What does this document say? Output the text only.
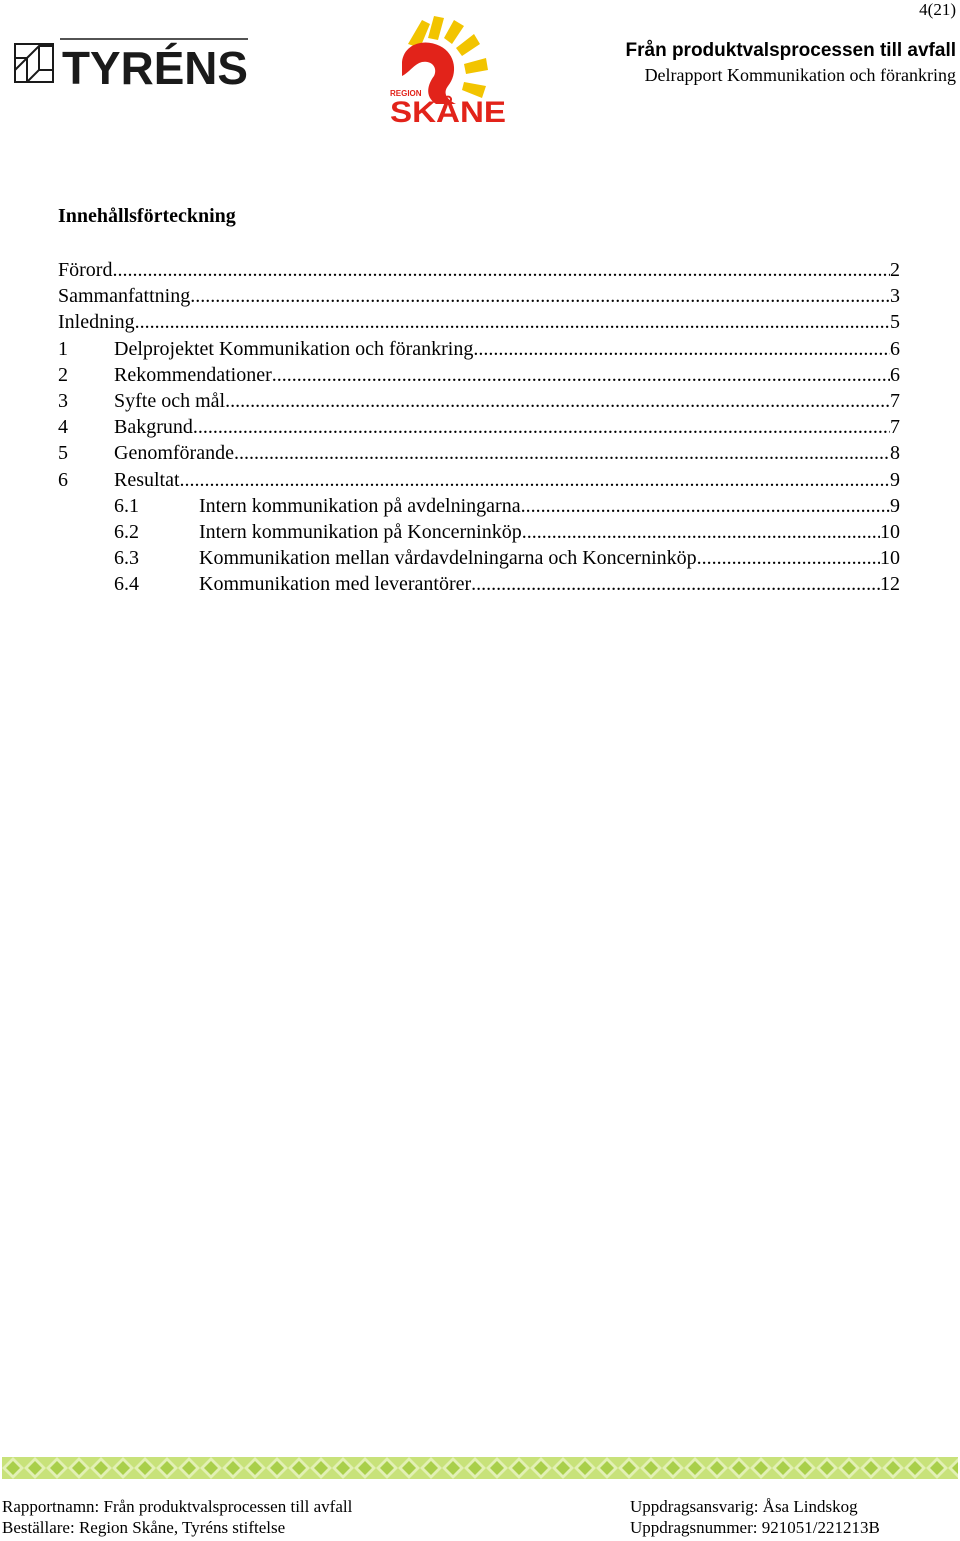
4(21)
TYRÉNS	REGION
SKÅNE
Från produktvalsprocessen till avfall
Delrapport Kommunikation och förankring
Innehållsförteckning
Förord .....	2
Sammanfattning .....	3
Inledning .....	5
1	Delprojektet Kommunikation och förankring .....	6
2	Rekommendationer .....	6
3	Syfte och mål .....	7
4	Bakgrund .....	7
5	Genomförande .....	8
6	Resultat .....	9
6.1	Intern kommunikation på avdelningarna .....	9
6.2	Intern kommunikation på Koncerninköp .....	10
6.3	Kommunikation mellan vårdavdelningarna och Koncerninköp .....	10
6.4	Kommunikation med leverantörer .....	12
Rapportnamn: Från produktvalsprocessen till avfall
Beställare: Region Skåne, Tyréns stiftelse
Uppdragsansvarig: Åsa Lindskog
Uppdragsnummer: 921051/221213B
